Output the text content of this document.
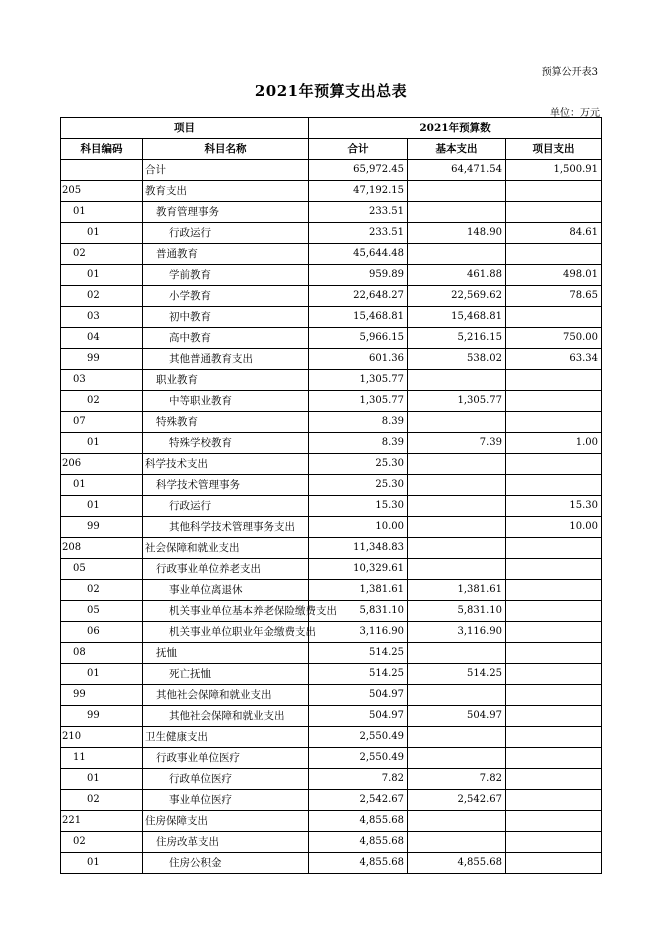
预算公开表3
2021年预算支出总表
单位：万元
项目		2021年预算数		
科目编码	科目名称	合计	基本支出	项目支出
	合计	65,972.45	64,471.54	1,500.91
205	教育支出	47,192.15		
01	教育管理事务	233.51		
01	行政运行	233.51	148.90	84.61
02	普通教育	45,644.48		
01	学前教育	959.89	461.88	498.01
02	小学教育	22,648.27	22,569.62	78.65
03	初中教育	15,468.81	15,468.81	
04	高中教育	5,966.15	5,216.15	750.00
99	其他普通教育支出	601.36	538.02	63.34
03	职业教育	1,305.77		
02	中等职业教育	1,305.77	1,305.77	
07	特殊教育	8.39		
01	特殊学校教育	8.39	7.39	1.00
206	科学技术支出	25.30		
01	科学技术管理事务	25.30		
01	行政运行	15.30		15.30
99	其他科学技术管理事务支出	10.00		10.00
208	社会保障和就业支出	11,348.83		
05	行政事业单位养老支出	10,329.61		
02	事业单位离退休	1,381.61	1,381.61	
05	机关事业单位基本养老保险缴费支出	5,831.10	5,831.10	
06	机关事业单位职业年金缴费支出	3,116.90	3,116.90	
08	抚恤	514.25		
01	死亡抚恤	514.25	514.25	
99	其他社会保障和就业支出	504.97		
99	其他社会保障和就业支出	504.97	504.97	
210	卫生健康支出	2,550.49		
11	行政事业单位医疗	2,550.49		
01	行政单位医疗	7.82	7.82	
02	事业单位医疗	2,542.67	2,542.67	
221	住房保障支出	4,855.68		
02	住房改革支出	4,855.68		
01	住房公积金	4,855.68	4,855.68	
